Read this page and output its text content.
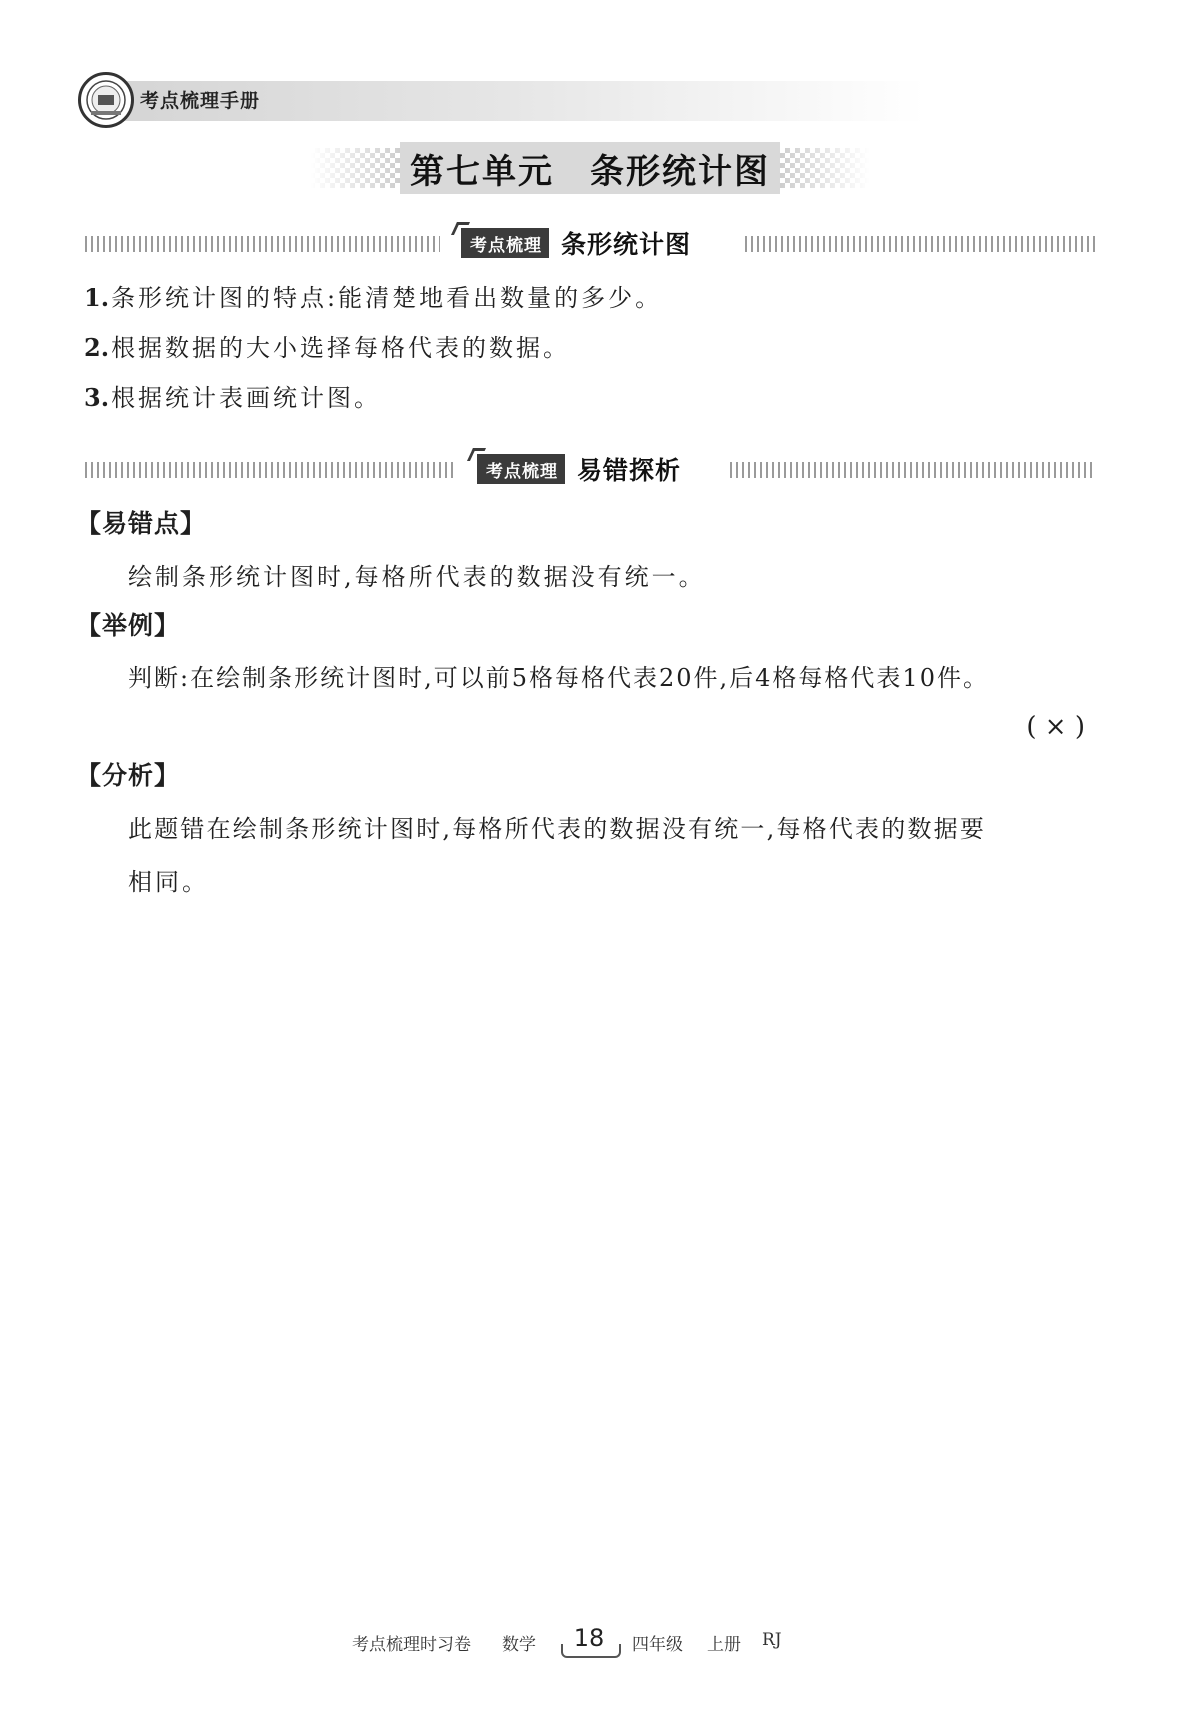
考点梳理手册
第七单元　条形统计图
考点梳理 条形统计图
1.条形统计图的特点:能清楚地看出数量的多少。
2.根据数据的大小选择每格代表的数据。
3.根据统计表画统计图。
考点梳理 易错探析
【易错点】
绘制条形统计图时,每格所代表的数据没有统一。
【举例】
判断:在绘制条形统计图时,可以前5格每格代表20件,后4格每格代表10件。
( × )
【分析】
此题错在绘制条形统计图时,每格所代表的数据没有统一,每格代表的数据要
相同。
考点梳理时习卷 数学	18	四年级 上册 RJ
